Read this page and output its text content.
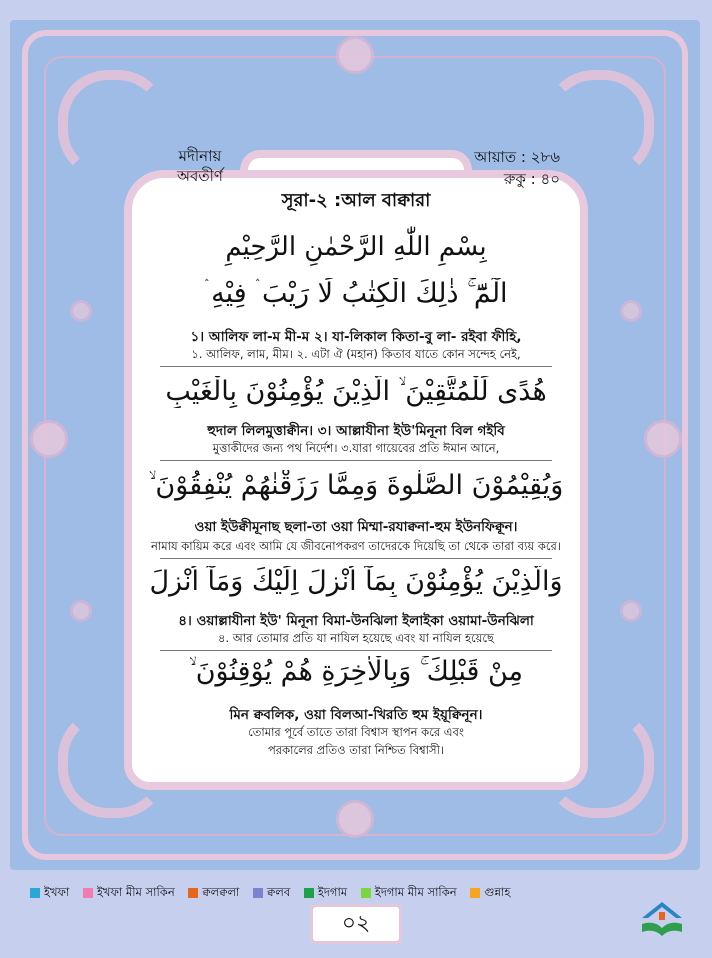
মদীনায়
অবতীর্ণ
আয়াত : ২৮৬
রুকু : ৪০
সূরা-২ :আল বাক্বারা
بِسْمِ اللّٰهِ الرَّحْمٰنِ الرَّحِيْمِ
الٓمّٓ ۚ ذٰلِكَ الْكِتٰبُ لَا رَيْبَ ۛ فِيْهِ ۛ
১। আলিফ লা-ম মী-ম ২। যা-লিকাল কিতা-বু লা- রইবা ফীহি,
১. আলিফ, লাম, মীম। ২. এটা ঐ (মহান) কিতাব যাতে কোন সন্দেহ নেই,
هُدًى لِّلْمُتَّقِيْنَ ۙ الَّذِيْنَ يُؤْمِنُوْنَ بِالْغَيْبِ
হুদাল লিলমুত্তাক্বীন। ৩। আল্লাযীনা ইউ'মিনূনা বিল গইবি
মুত্তাকীদের জন্য পথ নির্দেশ। ৩.যারা গায়েবের প্রতি ঈমান আনে,
وَيُقِيْمُوْنَ الصَّلٰوةَ وَمِمَّا رَزَقْنٰهُمْ يُنْفِقُوْنَ ۙ
ওয়া ইউক্বীমূনাছ ছলা-তা ওয়া মিম্মা-রযাক্বনা-হুম ইউনফিক্বূন।
নামায কায়িম করে এবং আমি যে জীবনোপকরণ তাদেরকে দিয়েছি তা থেকে তারা ব্যয় করে।
وَالَّذِيْنَ يُؤْمِنُوْنَ بِمَآ اُنْزِلَ اِلَيْكَ وَمَآ اُنْزِلَ
৪। ওয়াল্লাযীনা ইউ' মিনূনা বিমা-উনঝিলা ইলাইকা ওয়ামা-উনঝিলা
৪. আর তোমার প্রতি যা নাযিল হয়েছে এবং যা নাযিল হয়েছে
مِنْ قَبْلِكَ ۚ وَبِالْاٰخِرَةِ هُمْ يُوْقِنُوْنَ ۙ
মিন ক্ববলিক, ওয়া বিলআ-খিরতি হুম ইয়ূক্বিনূন।
তোমার পূর্বে তাতে তারা বিশ্বাস স্থাপন করে এবং
পরকালের প্রতিও তারা নিশ্চিত বিশ্বাসী।
ইখফা ইখফা মীম সাকিন ক্বলক্বলা ক্বলব ইদগাম ইদগাম মীম সাকিন গুন্নাহ
০২
